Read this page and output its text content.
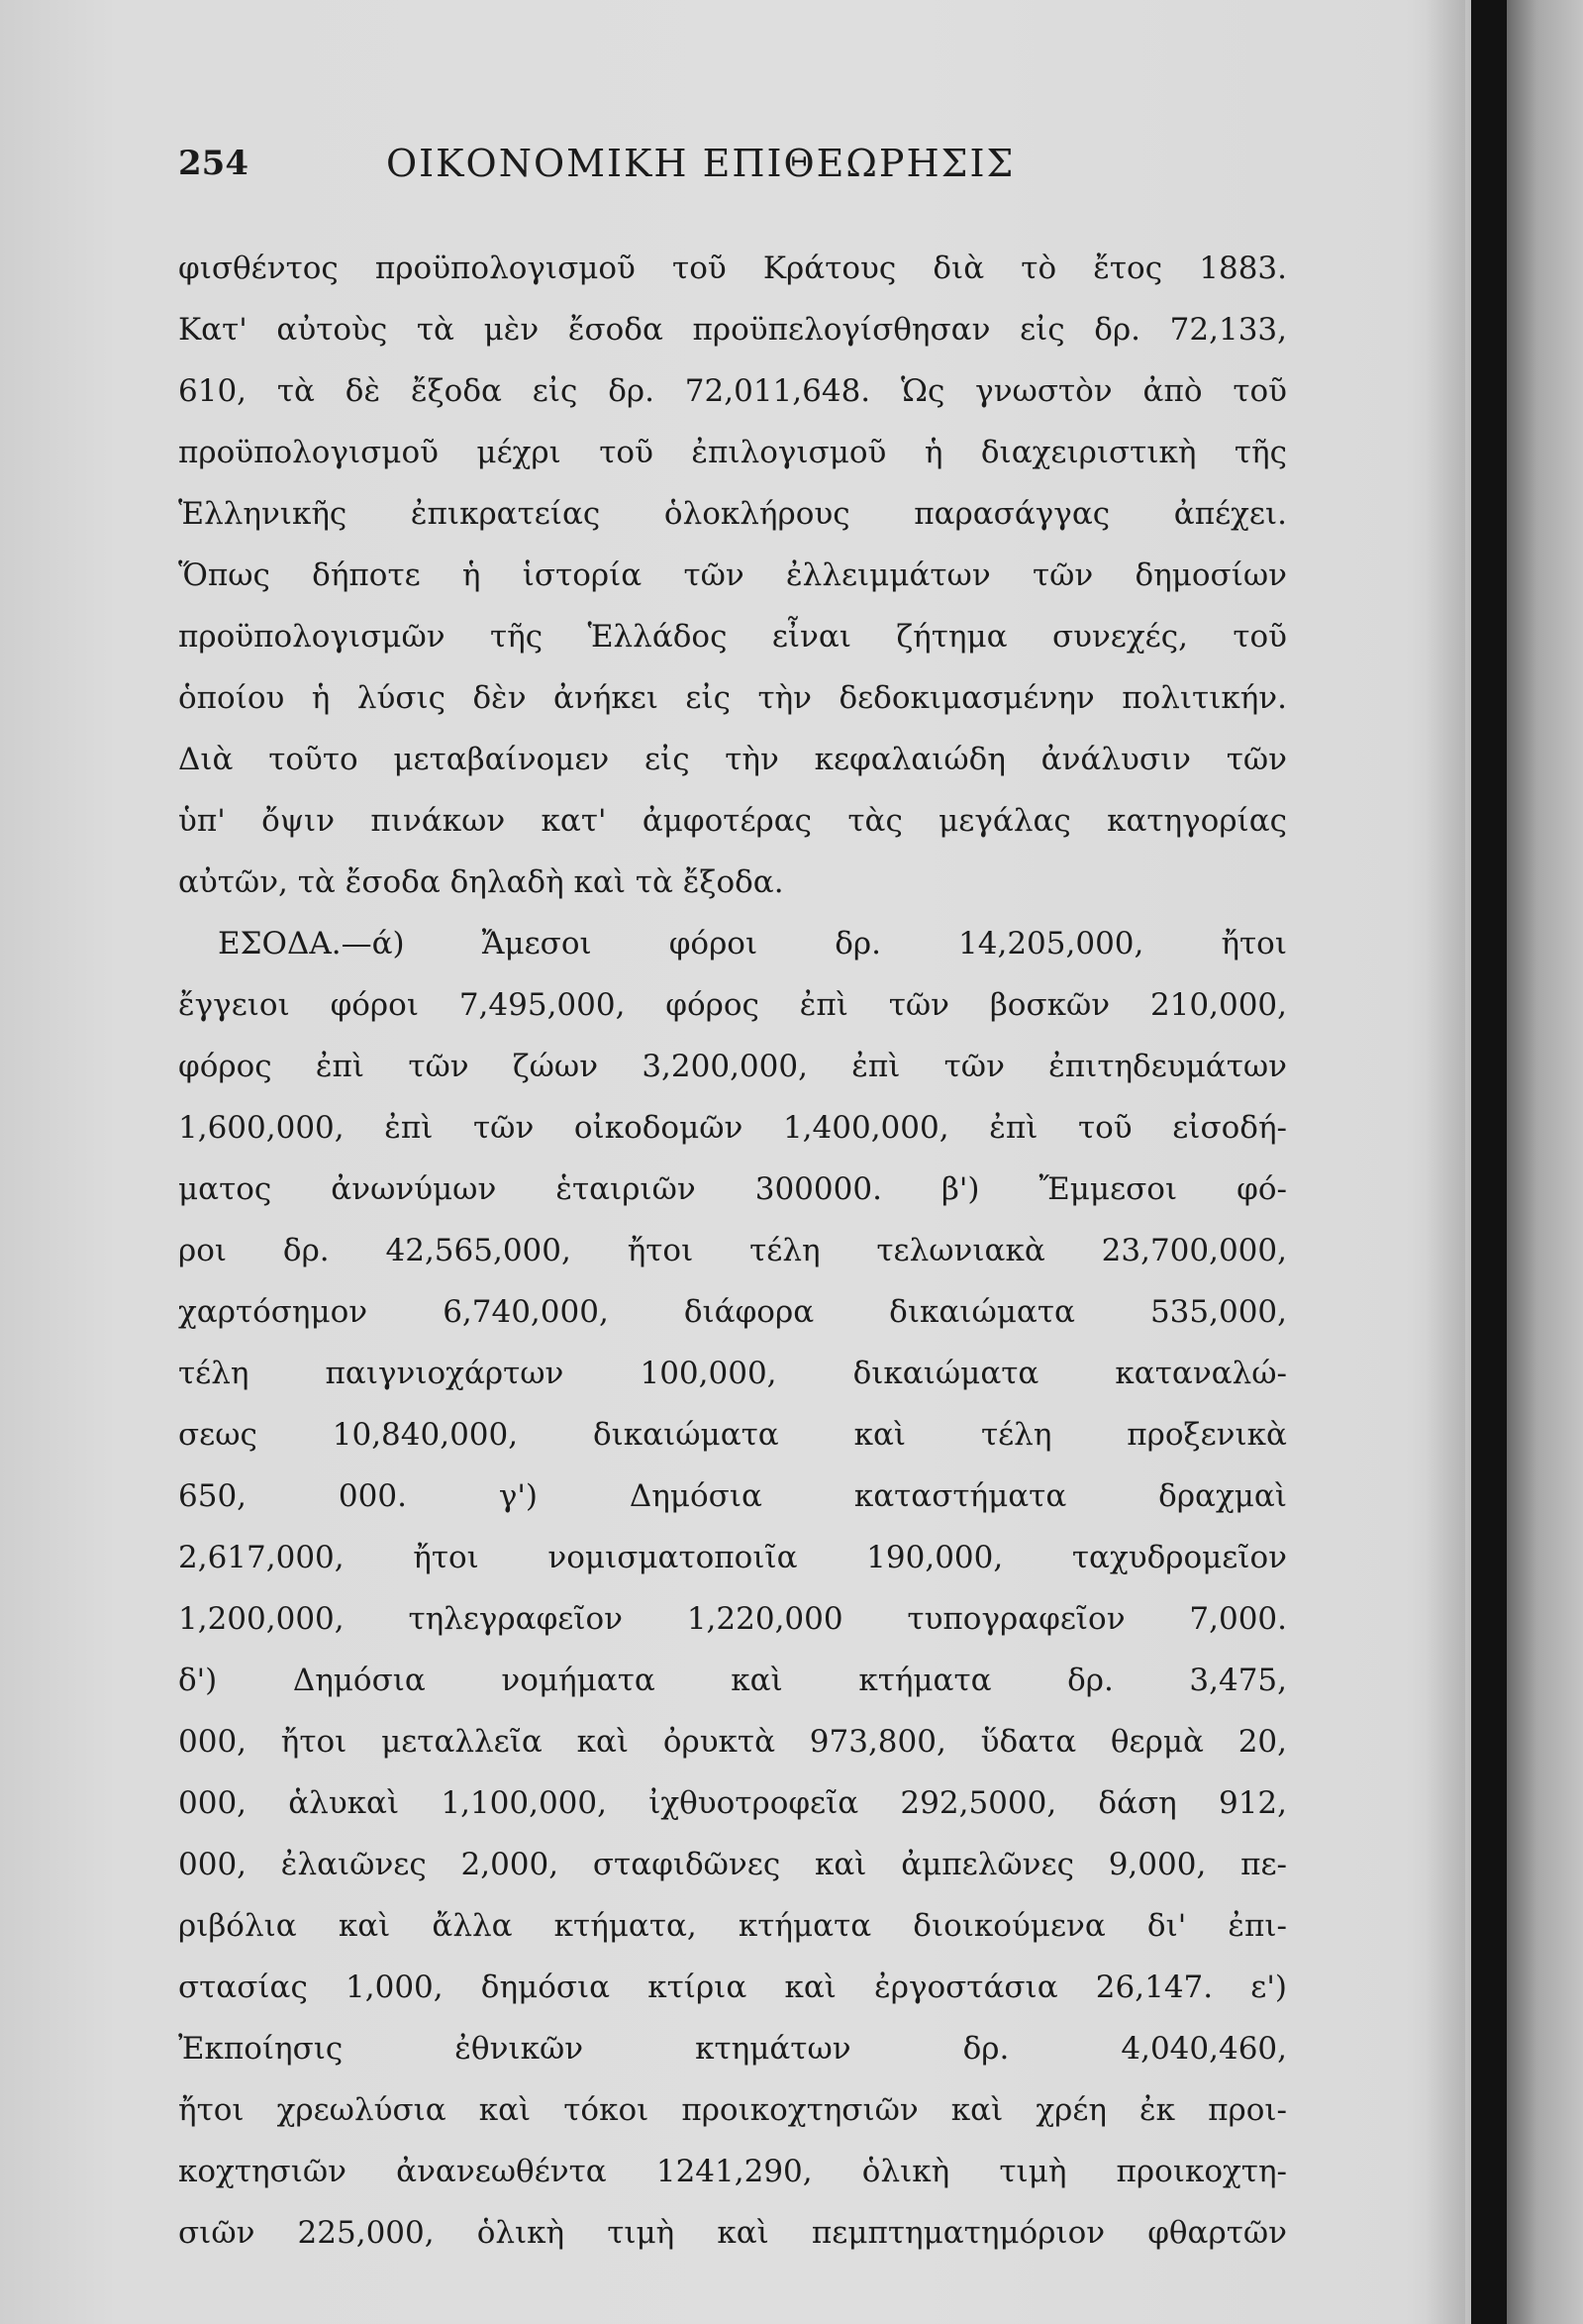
254	ΟΙΚΟΝΟΜΙΚΗ ΕΠΙΘΕΩΡΗΣΙΣ
φισθέντος προϋπολογισμοῦ τοῦ Κράτους διὰ τὸ ἔτος 1883.
Κατ' αὐτοὺς τὰ μὲν ἔσοδα προϋπελογίσθησαν εἰς δρ. 72,133,
610, τὰ δὲ ἔξοδα εἰς δρ. 72,011,648. Ὡς γνωστὸν ἀπὸ τοῦ
προϋπολογισμοῦ μέχρι τοῦ ἐπιλογισμοῦ ἡ διαχειριστικὴ τῆς
Ἑλληνικῆς ἐπικρατείας ὁλοκλήρους παρασάγγας ἀπέχει.
Ὅπως δήποτε ἡ ἱστορία τῶν ἐλλειμμάτων τῶν δημοσίων
προϋπολογισμῶν τῆς Ἑλλάδος εἶναι ζήτημα συνεχές, τοῦ
ὁποίου ἡ λύσις δὲν ἀνήκει εἰς τὴν δεδοκιμασμένην πολιτικήν.
Διὰ τοῦτο μεταβαίνομεν εἰς τὴν κεφαλαιώδη ἀνάλυσιν τῶν
ὑπ' ὄψιν πινάκων κατ' ἀμφοτέρας τὰς μεγάλας κατηγορίας
αὐτῶν, τὰ ἔσοδα δηλαδὴ καὶ τὰ ἔξοδα.
ΕΣΟΔΑ.—ά) Ἄμεσοι φόροι δρ. 14,205,000, ἤτοι
ἔγγειοι φόροι 7,495,000, φόρος ἐπὶ τῶν βοσκῶν 210,000,
φόρος ἐπὶ τῶν ζώων 3,200,000, ἐπὶ τῶν ἐπιτηδευμάτων
1,600,000, ἐπὶ τῶν οἰκοδομῶν 1,400,000, ἐπὶ τοῦ εἰσοδή-
ματος ἀνωνύμων ἑταιριῶν 300000. β') Ἔμμεσοι φό-
ροι δρ. 42,565,000, ἤτοι τέλη τελωνιακὰ 23,700,000,
χαρτόσημον 6,740,000, διάφορα δικαιώματα 535,000,
τέλη παιγνιοχάρτων 100,000, δικαιώματα καταναλώ-
σεως 10,840,000, δικαιώματα καὶ τέλη προξενικὰ
650, 000. γ') Δημόσια καταστήματα δραχμαὶ
2,617,000, ἤτοι νομισματοποιῖα 190,000, ταχυδρομεῖον
1,200,000, τηλεγραφεῖον 1,220,000 τυπογραφεῖον 7,000.
δ') Δημόσια νομήματα καὶ κτήματα δρ. 3,475,
000, ἤτοι μεταλλεῖα καὶ ὀρυκτὰ 973,800, ὕδατα θερμὰ 20,
000, ἁλυκαὶ 1,100,000, ἰχθυοτροφεῖα 292,5000, δάση 912,
000, ἐλαιῶνες 2,000, σταφιδῶνες καὶ ἀμπελῶνες 9,000, πε-
ριβόλια καὶ ἄλλα κτήματα, κτήματα διοικούμενα δι' ἐπι-
στασίας 1,000, δημόσια κτίρια καὶ ἐργοστάσια 26,147. ε')
Ἐκποίησις ἐθνικῶν κτημάτων δρ. 4,040,460,
ἤτοι χρεωλύσια καὶ τόκοι προικοχτησιῶν καὶ χρέη ἐκ προι-
κοχτησιῶν ἀνανεωθέντα 1241,290, ὁλικὴ τιμὴ προικοχτη-
σιῶν 225,000, ὁλικὴ τιμὴ καὶ πεμπτηματημόριον φθαρτῶν
